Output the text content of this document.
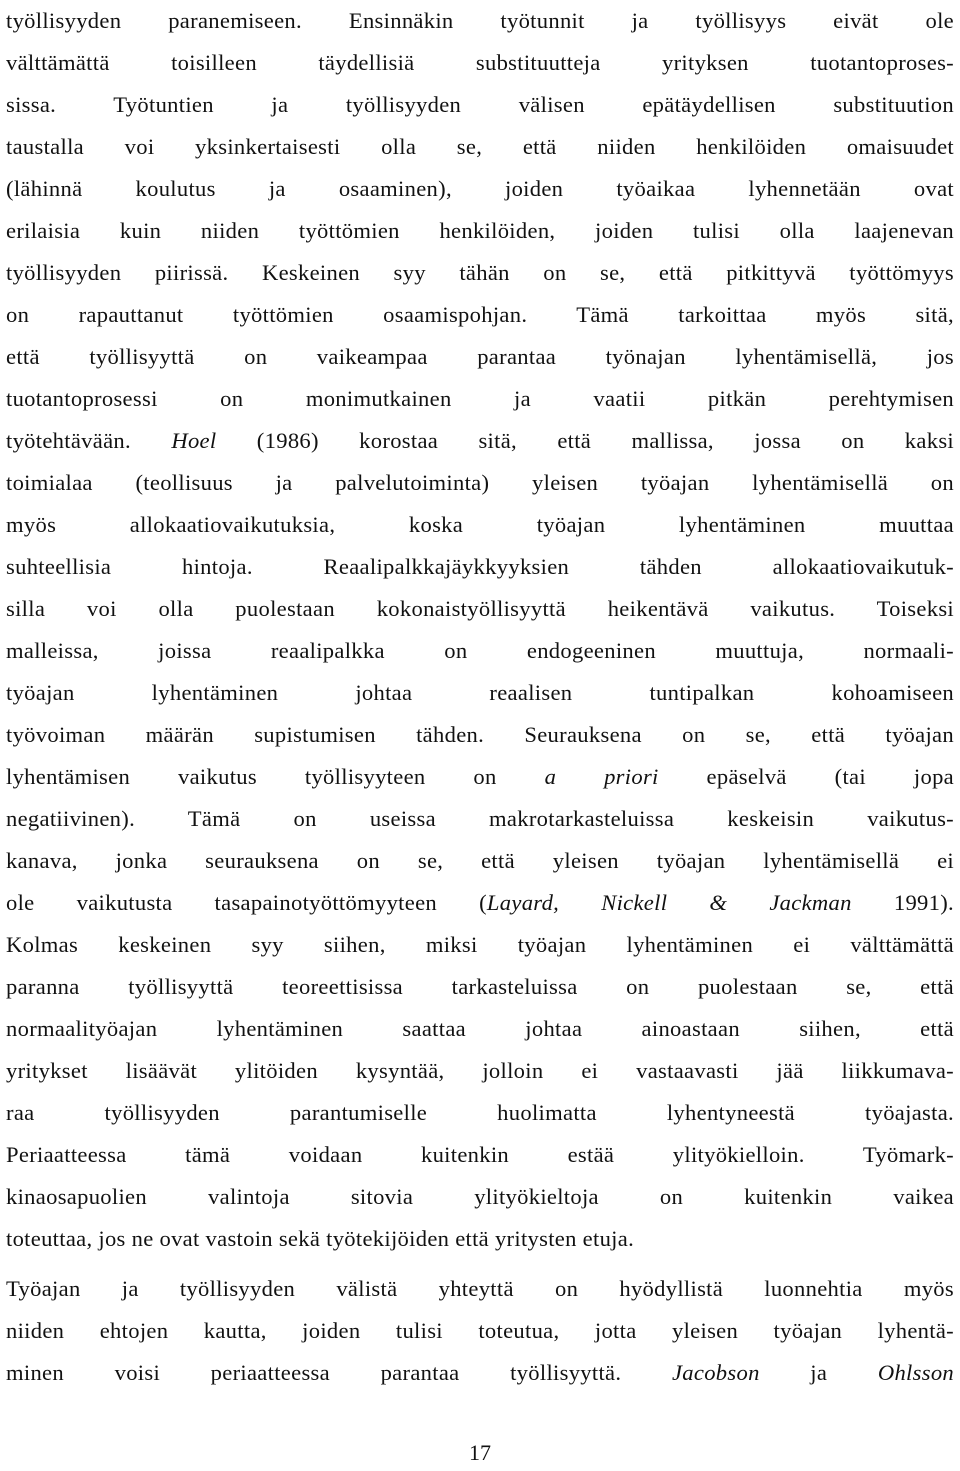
työllisyyden paranemiseen. Ensinnäkin työtunnit ja työllisyys eivät ole
välttämättä toisilleen täydellisiä substituutteja yrityksen tuotantoproses-
sissa. Työtuntien ja työllisyyden välisen epätäydellisen substituution
taustalla voi yksinkertaisesti olla se, että niiden henkilöiden omaisuudet
(lähinnä koulutus ja osaaminen), joiden työaikaa lyhennetään ovat
erilaisia kuin niiden työttömien henkilöiden, joiden tulisi olla laajenevan
työllisyyden piirissä. Keskeinen syy tähän on se, että pitkittyvä työttömyys
on rapauttanut työttömien osaamispohjan. Tämä tarkoittaa myös sitä,
että työllisyyttä on vaikeampaa parantaa työnajan lyhentämisellä, jos
tuotantoprosessi on monimutkainen ja vaatii pitkän perehtymisen
työtehtävään. Hoel (1986) korostaa sitä, että mallissa, jossa on kaksi
toimialaa (teollisuus ja palvelutoiminta) yleisen työajan lyhentämisellä on
myös allokaatiovaikutuksia, koska työajan lyhentäminen muuttaa
suhteellisia hintoja. Reaalipalkkajäykkyyksien tähden allokaatiovaikutuk-
silla voi olla puolestaan kokonaistyöllisyyttä heikentävä vaikutus. Toiseksi
malleissa, joissa reaalipalkka on endogeeninen muuttuja, normaali-
työajan lyhentäminen johtaa reaalisen tuntipalkan kohoamiseen
työvoiman määrän supistumisen tähden. Seurauksena on se, että työajan
lyhentämisen vaikutus työllisyyteen on a priori epäselvä (tai jopa
negatiivinen). Tämä on useissa makrotarkasteluissa keskeisin vaikutus-
kanava, jonka seurauksena on se, että yleisen työajan lyhentämisellä ei
ole vaikutusta tasapainotyöttömyyteen (Layard, Nickell & Jackman 1991).
Kolmas keskeinen syy siihen, miksi työajan lyhentäminen ei välttämättä
paranna työllisyyttä teoreettisissa tarkasteluissa on puolestaan se, että
normaalityöajan lyhentäminen saattaa johtaa ainoastaan siihen, että
yritykset lisäävät ylitöiden kysyntää, jolloin ei vastaavasti jää liikkumava-
raa työllisyyden parantumiselle huolimatta lyhentyneestä työajasta.
Periaatteessa tämä voidaan kuitenkin estää ylityökielloin. Työmark-
kinaosapuolien valintoja sitovia ylityökieltoja on kuitenkin vaikea
toteuttaa, jos ne ovat vastoin sekä työtekijöiden että yritysten etuja.
Työajan ja työllisyyden välistä yhteyttä on hyödyllistä luonnehtia myös
niiden ehtojen kautta, joiden tulisi toteutua, jotta yleisen työajan lyhentä-
minen voisi periaatteessa parantaa työllisyyttä. Jacobson ja Ohlsson
17
